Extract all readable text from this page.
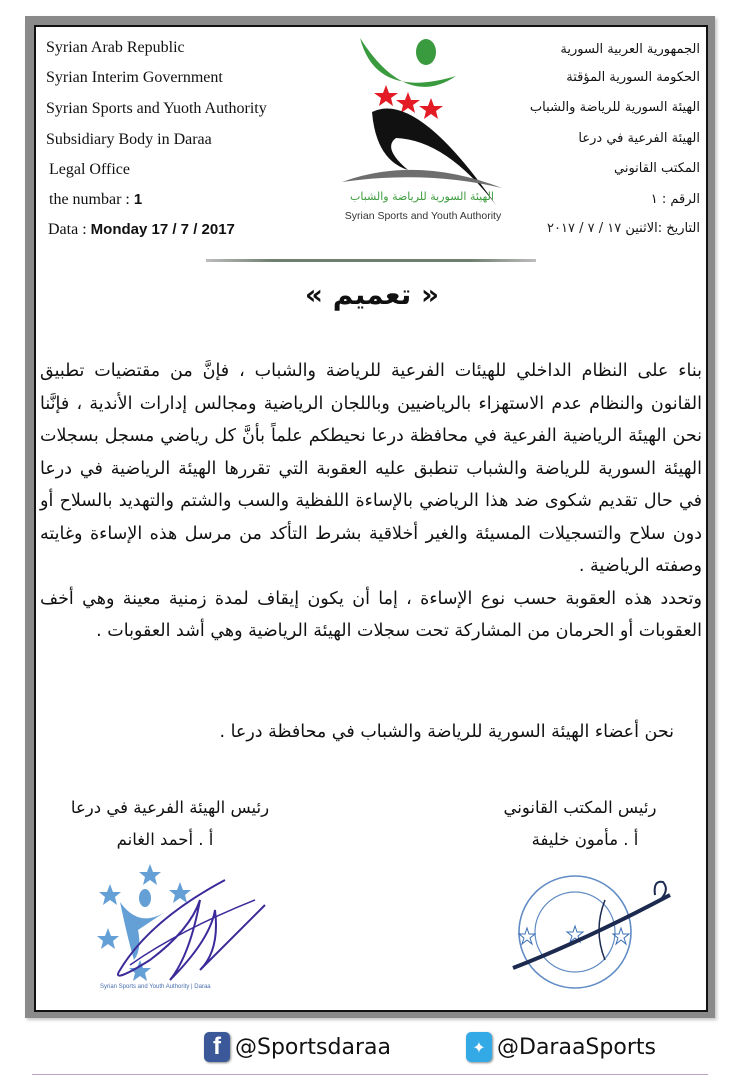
Syrian Arab Republic
Syrian Interim Government
Syrian Sports and Yuoth Authority
Subsidiary Body in Daraa
Legal Office
the numbar : 1
Data : Monday 17 / 7 / 2017
الجمهورية العربية السورية
الحكومة السورية المؤقتة
الهيئة السورية للرياضة والشباب
الهيئة الفرعية في درعا
المكتب القانوني
الرقم : ١
التاريخ :الاثنين ١٧ / ٧ / ٢٠١٧
الهيئة السورية للرياضة والشباب
Syrian Sports and Youth Authority
« تعميم »

بناء على النظام الداخلي للهيئات الفرعية للرياضة والشباب ، فإنَّ من مقتضيات تطبيق القانون والنظام عدم الاستهزاء بالرياضيين وباللجان الرياضية ومجالس إدارات الأندية ، فإنَّنا نحن الهيئة الرياضية الفرعية في محافظة درعا نحيطكم علماً بأنَّ كل رياضي مسجل بسجلات الهيئة السورية للرياضة والشباب تنطبق عليه العقوبة التي تقررها الهيئة الرياضية في درعا في حال تقديم شكوى ضد هذا الرياضي بالإساءة اللفظية والسب والشتم والتهديد بالسلاح أو دون سلاح والتسجيلات المسيئة والغير أخلاقية بشرط التأكد من مرسل هذه الإساءة وغايته وصفته الرياضية .

وتحدد هذه العقوبة حسب نوع الإساءة ، إما أن يكون إيقاف لمدة زمنية معينة وهي أخف العقوبات أو الحرمان من المشاركة تحت سجلات الهيئة الرياضية وهي أشد العقوبات .

نحن أعضاء الهيئة السورية للرياضة والشباب في محافظة درعا .
رئيس المكتب القانوني
أ . مأمون خليفة
رئيس الهيئة الفرعية في درعا
أ . أحمد الغانم
Syrian Sports and Youth Authority | Daraa
f @Sportsdaraa	✦ @DaraaSports
